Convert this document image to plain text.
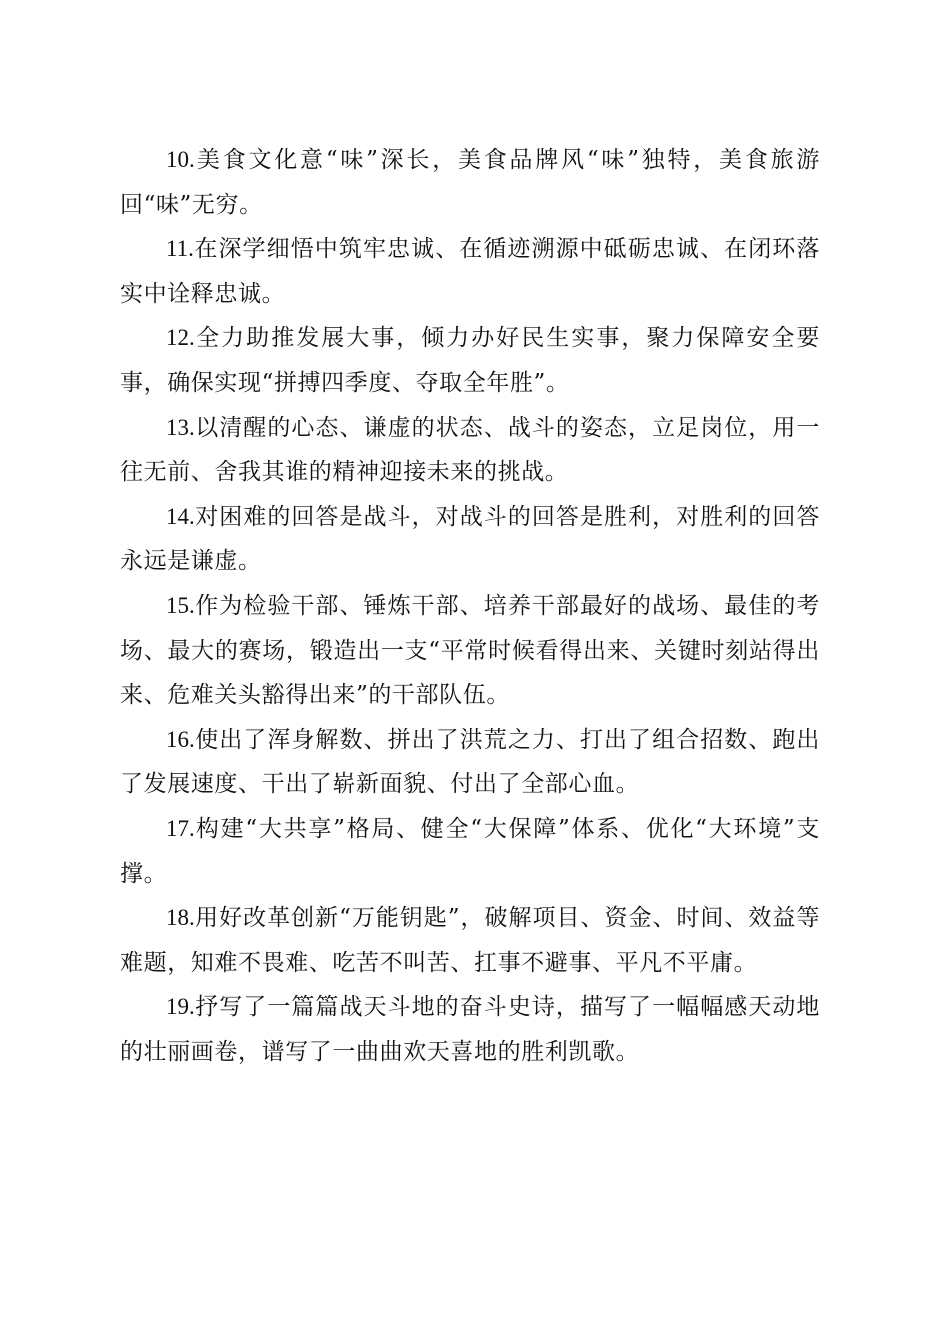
10.美食文化意“味”深长，美食品牌风“味”独特，美食旅游回“味”无穷。

11.在深学细悟中筑牢忠诚、在循迹溯源中砥砺忠诚、在闭环落实中诠释忠诚。

12.全力助推发展大事，倾力办好民生实事，聚力保障安全要事，确保实现“拼搏四季度、夺取全年胜”。

13.以清醒的心态、谦虚的状态、战斗的姿态，立足岗位，用一往无前、舍我其谁的精神迎接未来的挑战。

14.对困难的回答是战斗，对战斗的回答是胜利，对胜利的回答永远是谦虚。

15.作为检验干部、锤炼干部、培养干部最好的战场、最佳的考场、最大的赛场，锻造出一支“平常时候看得出来、关键时刻站得出来、危难关头豁得出来”的干部队伍。

16.使出了浑身解数、拼出了洪荒之力、打出了组合招数、跑出了发展速度、干出了崭新面貌、付出了全部心血。

17.构建“大共享”格局、健全“大保障”体系、优化“大环境”支撑。

18.用好改革创新“万能钥匙”，破解项目、资金、时间、效益等难题，知难不畏难、吃苦不叫苦、扛事不避事、平凡不平庸。

19.抒写了一篇篇战天斗地的奋斗史诗，描写了一幅幅感天动地的壮丽画卷，谱写了一曲曲欢天喜地的胜利凯歌。
